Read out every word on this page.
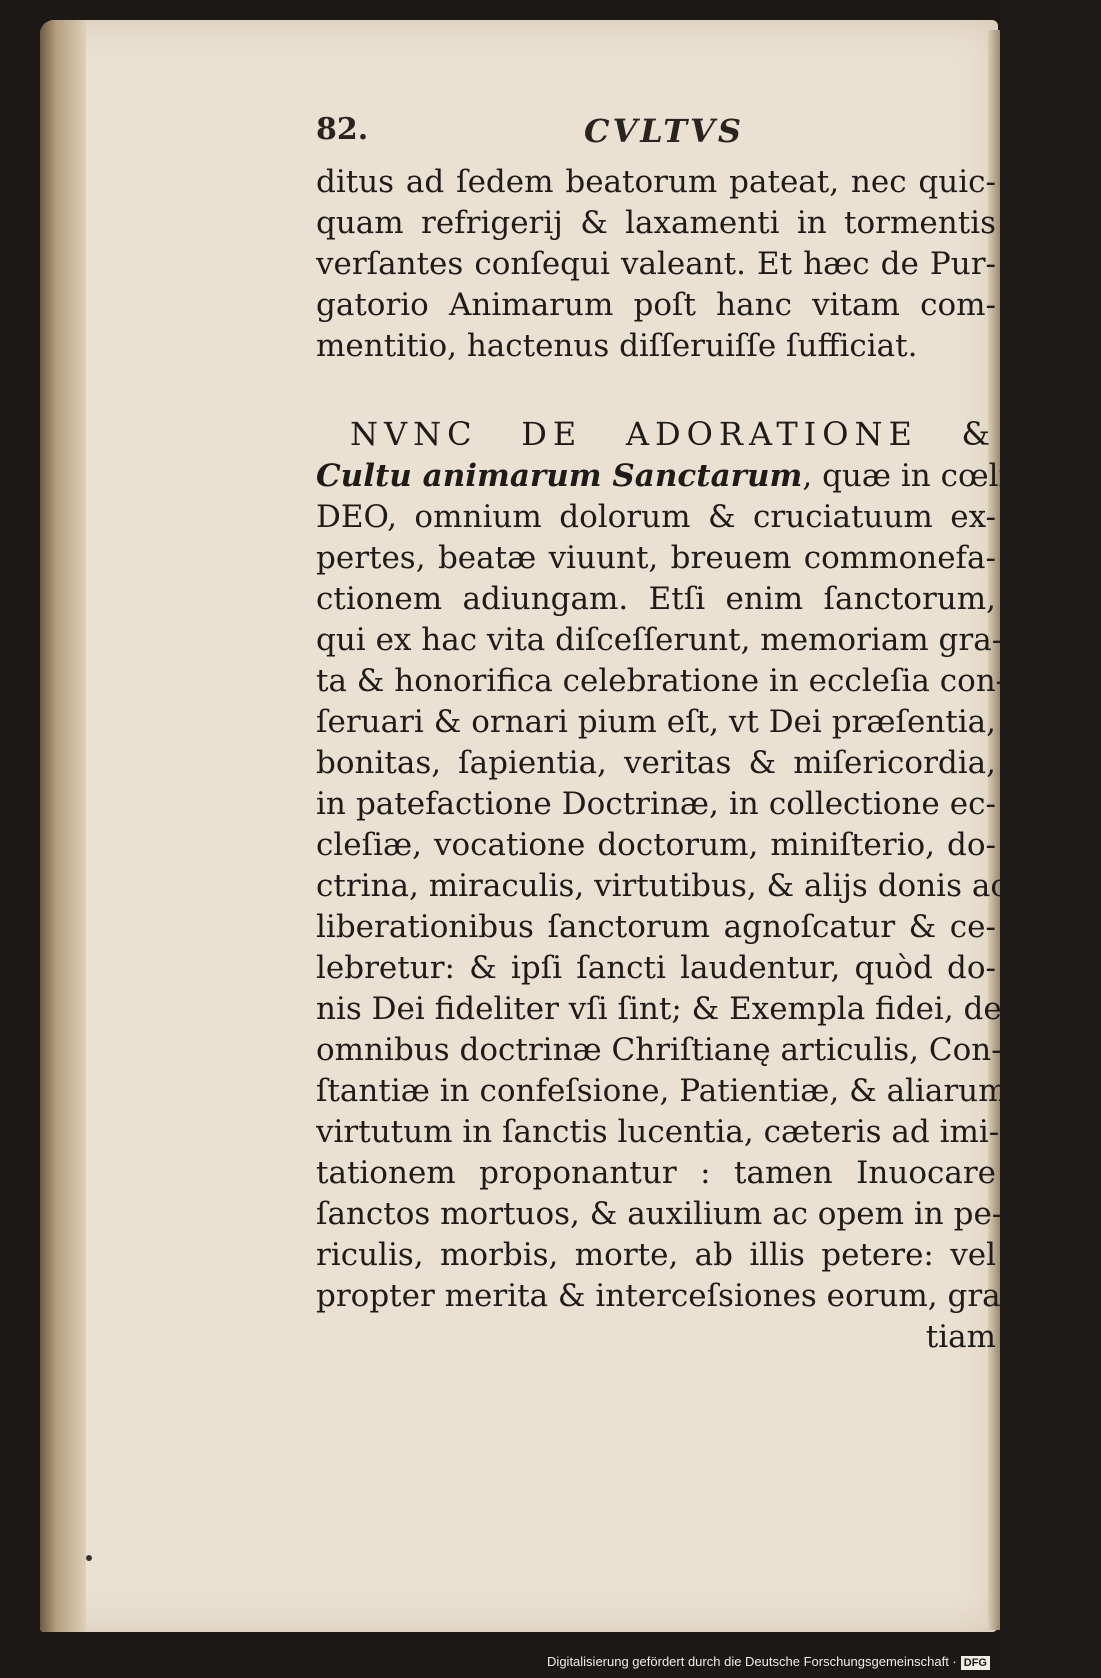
82.	CVLTVS
ditus ad ſedem beatorum pateat, nec quic-
quam refrigerij & laxamenti in tormentis
verſantes conſequi valeant. Et hæc de Pur-
gatorio Animarum poſt hanc vitam com-
mentitio, hactenus diſſeruiſſe ſufficiat.
NVNC DE ADORATIONE &
Cultu animarum Sanctarum, quæ in cœlis cum
DEO, omnium dolorum & cruciatuum ex-
pertes, beatæ viuunt, breuem commonefa-
ctionem adiungam. Etſi enim ſanctorum,
qui ex hac vita diſceſſerunt, memoriam gra-
ta & honorifica celebratione in eccleſia con-
ſeruari & ornari pium eſt, vt Dei præſentia,
bonitas, ſapientia, veritas & miſericordia,
in patefactione Doctrinæ, in collectione ec-
cleſiæ, vocatione doctorum, miniſterio, do-
ctrina, miraculis, virtutibus, & alijs donis ac
liberationibus ſanctorum agnoſcatur & ce-
lebretur: & ipſi ſancti laudentur, quòd do-
nis Dei fideliter vſi ſint; & Exempla fidei, de
omnibus doctrinæ Chriſtianę articulis, Con-
ſtantiæ in confeſsione, Patientiæ, & aliarum
virtutum in ſanctis lucentia, cæteris ad imi-
tationem proponantur : tamen Inuocare
ſanctos mortuos, & auxilium ac opem in pe-
riculis, morbis, morte, ab illis petere: vel
propter merita & interceſsiones eorum, gra-
tiam
Digitalisierung gefördert durch die Deutsche Forschungsgemeinschaft · DFG
